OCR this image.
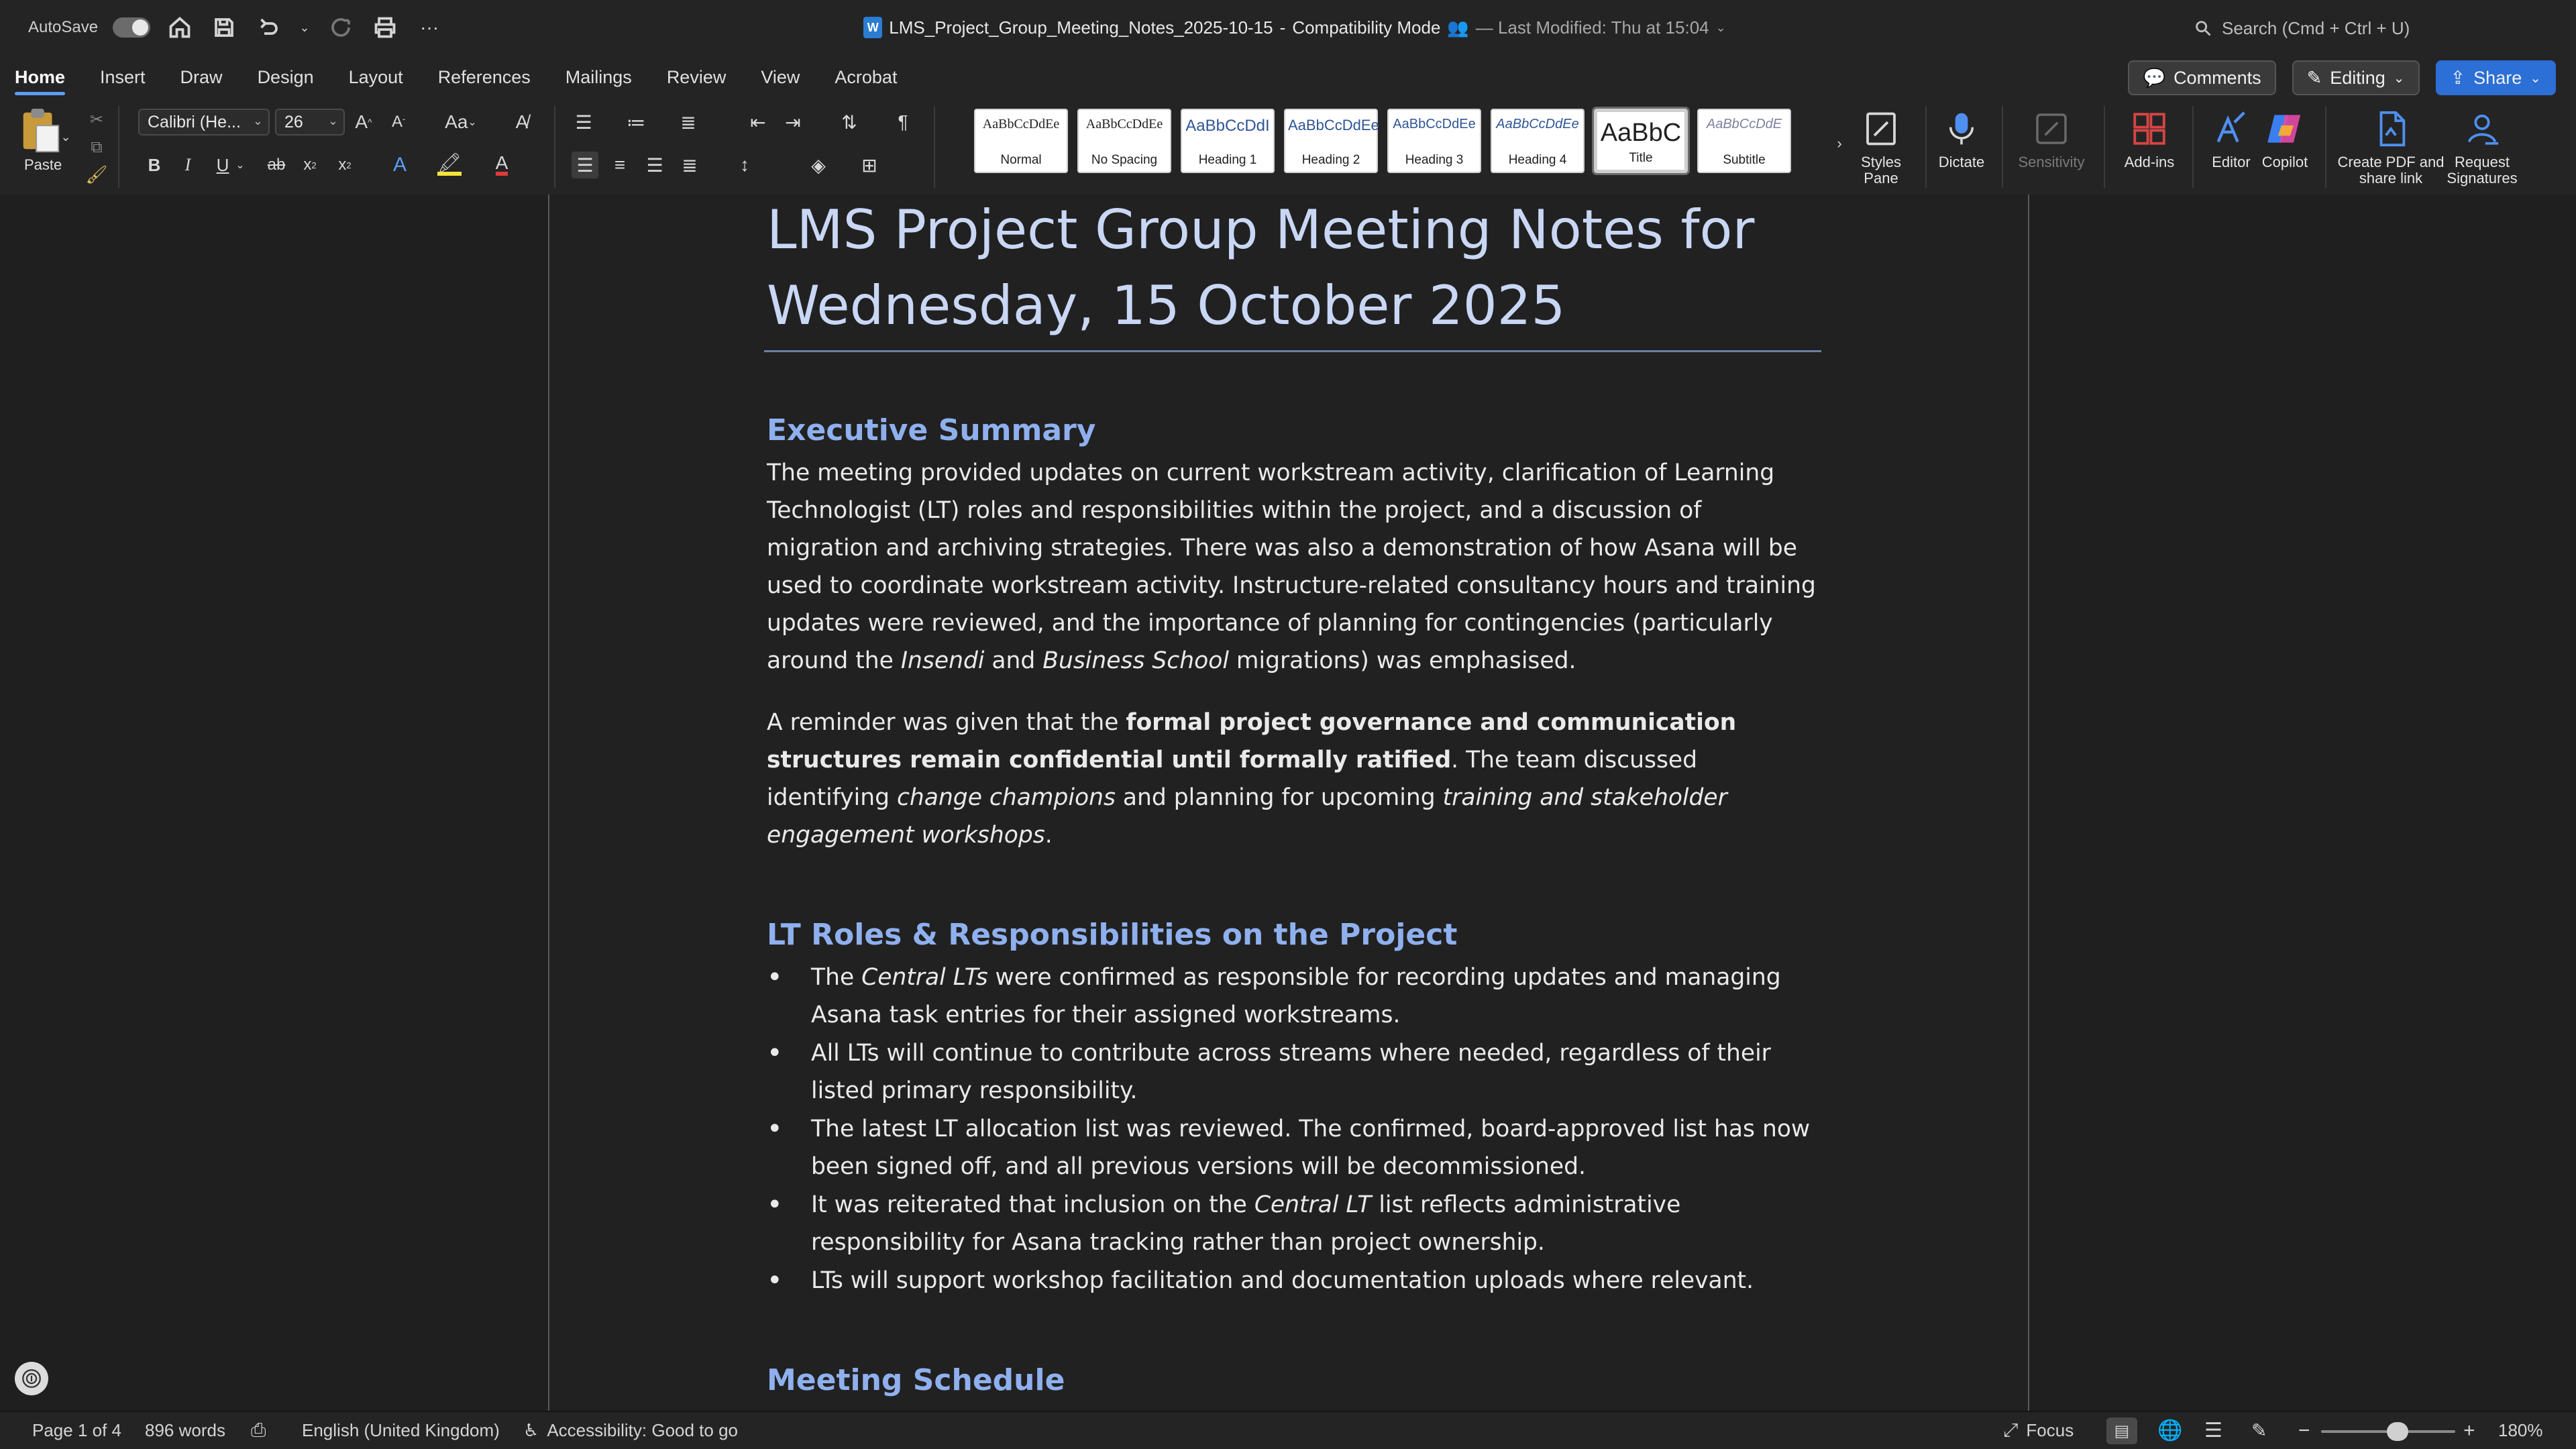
AutoSave	⌄	···	W LMS_Project_Group_Meeting_Notes_2025-10-15 - Compatibility Mode 👥 — Last Modified: Thu at 15:04 ⌄	Search (Cmd + Ctrl + U)
Home	Insert	Draw	Design	Layout	References	Mailings	Review	View	Acrobat	💬 Comments	✎ Editing ⌄	⇪ Share ⌄
⌄
Paste
✂
⧉
🖌
Calibri (He... ⌄ 26 ⌄ A ^	A ˇ Aa ⌄	A̸
B	I	U ⌄ ab	x 2	x 2	A	🖍 A
☰ ≔ ≣	⇤ ⇥ ⇅	¶
☰	≡	☰ ≣	↕	◈	⊞
AaBbCcDdEe
Normal
AaBbCcDdEe
No Spacing
AaBbCcDdI
Heading 1
AaBbCcDdEe
Heading 2
AaBbCcDdEe
Heading 3
AaBbCcDdEe
Heading 4
AaBbC
Title
AaBbCcDdE
Subtitle
›
Styles Pane
Dictate Sensitivity	Add-ins	Editor Copilot Create PDF and share link
Request Signatures
LMS Project Group Meeting Notes for Wednesday, 15 October 2025
Executive Summary

The meeting provided updates on current workstream activity, clarification of Learning Technologist (LT) roles and responsibilities within the project, and a discussion of migration and archiving strategies. There was also a demonstration of how Asana will be used to coordinate workstream activity. Instructure-related consultancy hours and training updates were reviewed, and the importance of planning for contingencies (particularly around the Insendi and Business School migrations) was emphasised.

A reminder was given that the formal project governance and communication structures remain confidential until formally ratified. The team discussed identifying change champions and planning for upcoming training and stakeholder engagement workshops.

LT Roles & Responsibilities on the Project
• The Central LTs were confirmed as responsible for recording updates and managing Asana task entries for their assigned workstreams.
• All LTs will continue to contribute across streams where needed, regardless of their listed primary responsibility.
• The latest LT allocation list was reviewed. The confirmed, board-approved list has now been signed off, and all previous versions will be decommissioned.
• It was reiterated that inclusion on the Central LT list reflects administrative responsibility for Asana tracking rather than project ownership.
• LTs will support workshop facilitation and documentation uploads where relevant.
Meeting Schedule
•
Page 1 of 4 896 words ⎙ English (United Kingdom) ♿ Accessibility: Good to go	⤢ Focus	▤ 🌐 ☰ ✎ −	+ 180%
